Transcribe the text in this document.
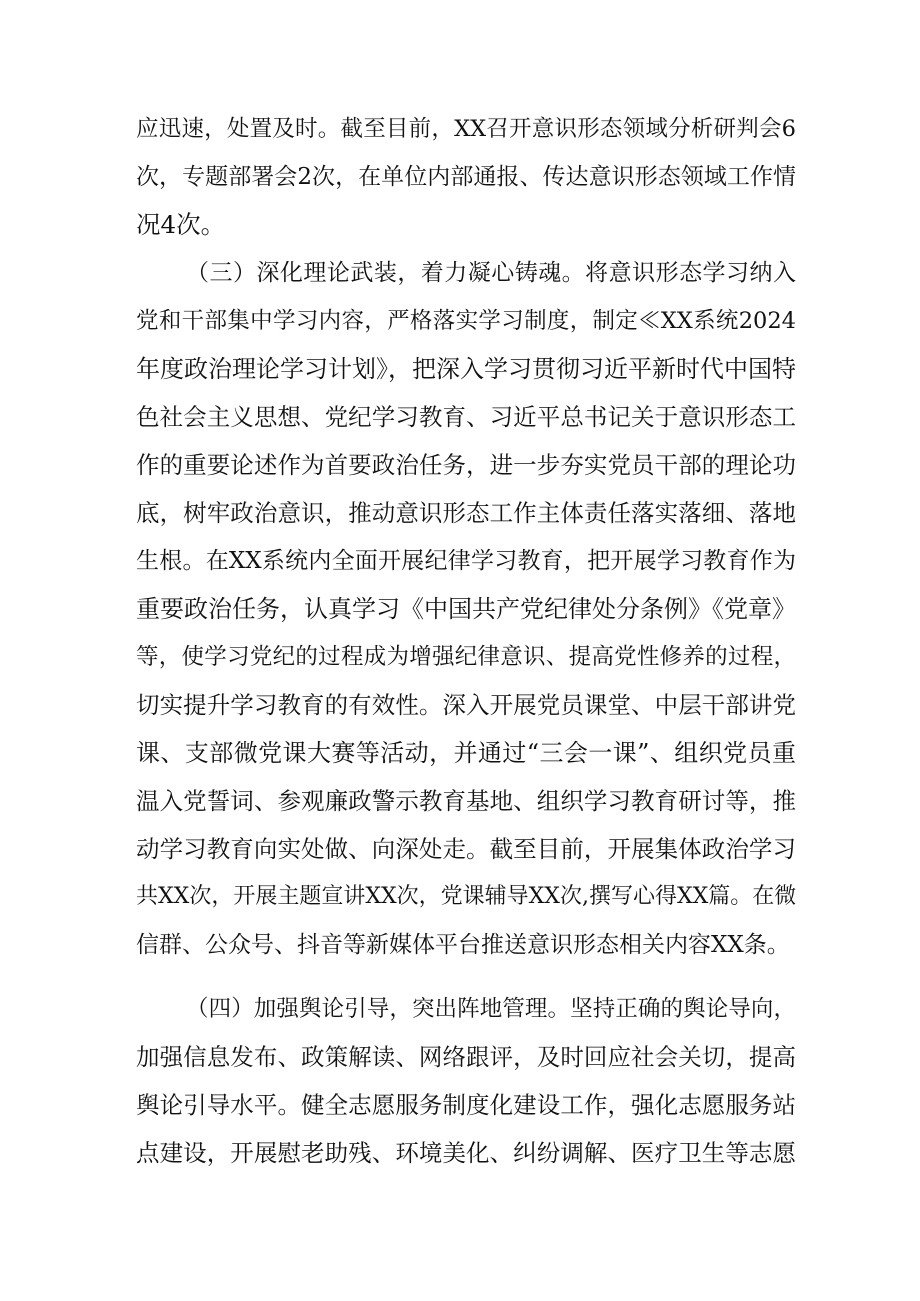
应迅速，处置及时。截至目前，XX召开意识形态领域分析研判会6
次，专题部署会2次，在单位内部通报、传达意识形态领域工作情
况4次。
（三）深化理论武装，着力凝心铸魂。将意识形态学习纳入
党和干部集中学习内容，严格落实学习制度，制定≪XX系统2024
年度政治理论学习计划》，把深入学习贯彻习近平新时代中国特
色社会主义思想、党纪学习教育、习近平总书记关于意识形态工
作的重要论述作为首要政治任务，进一步夯实党员干部的理论功
底，树牢政治意识，推动意识形态工作主体责任落实落细、落地
生根。在XX系统内全面开展纪律学习教育，把开展学习教育作为
重要政治任务，认真学习《中国共产党纪律处分条例》《党章》
等，使学习党纪的过程成为增强纪律意识、提高党性修养的过程，
切实提升学习教育的有效性。深入开展党员课堂、中层干部讲党
课、支部微党课大赛等活动，并通过“三会一课”、组织党员重
温入党誓词、参观廉政警示教育基地、组织学习教育研讨等，推
动学习教育向实处做、向深处走。截至目前，开展集体政治学习
共XX次，开展主题宣讲XX次，党课辅导XX次,撰写心得XX篇。在微
信群、公众号、抖音等新媒体平台推送意识形态相关内容XX条。
（四）加强舆论引导，突出阵地管理。坚持正确的舆论导向，
加强信息发布、政策解读、网络跟评，及时回应社会关切，提高
舆论引导水平。健全志愿服务制度化建设工作，强化志愿服务站
点建设，开展慰老助残、环境美化、纠纷调解、医疗卫生等志愿
